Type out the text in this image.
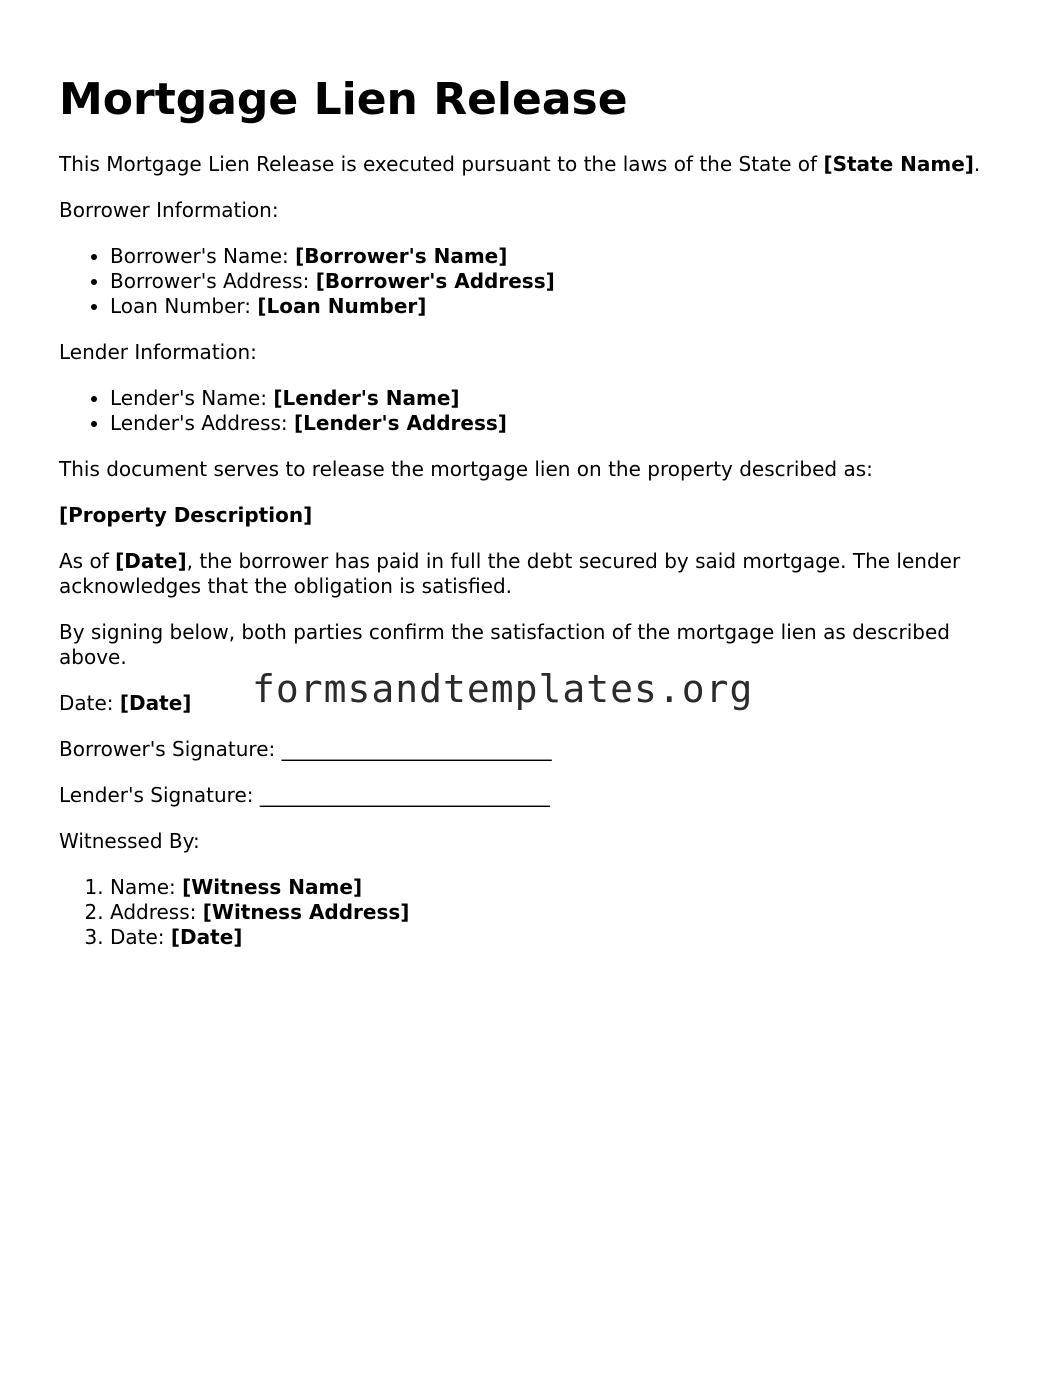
Mortgage Lien Release

This Mortgage Lien Release is executed pursuant to the laws of the State of [State Name].

Borrower Information:

• Borrower's Name: [Borrower's Name]
• Borrower's Address: [Borrower's Address]
• Loan Number: [Loan Number]

Lender Information:

• Lender's Name: [Lender's Name]
• Lender's Address: [Lender's Address]

This document serves to release the mortgage lien on the property described as:

[Property Description]

As of [Date], the borrower has paid in full the debt secured by said mortgage. The lender acknowledges that the obligation is satisfied.

By signing below, both parties confirm the satisfaction of the mortgage lien as described above.

Date: [Date]

Borrower's Signature: ___________________________

Lender's Signature: _____________________________

Witnessed By:

1. Name: [Witness Name]
2. Address: [Witness Address]
3. Date: [Date]
formsandtemplates.org
